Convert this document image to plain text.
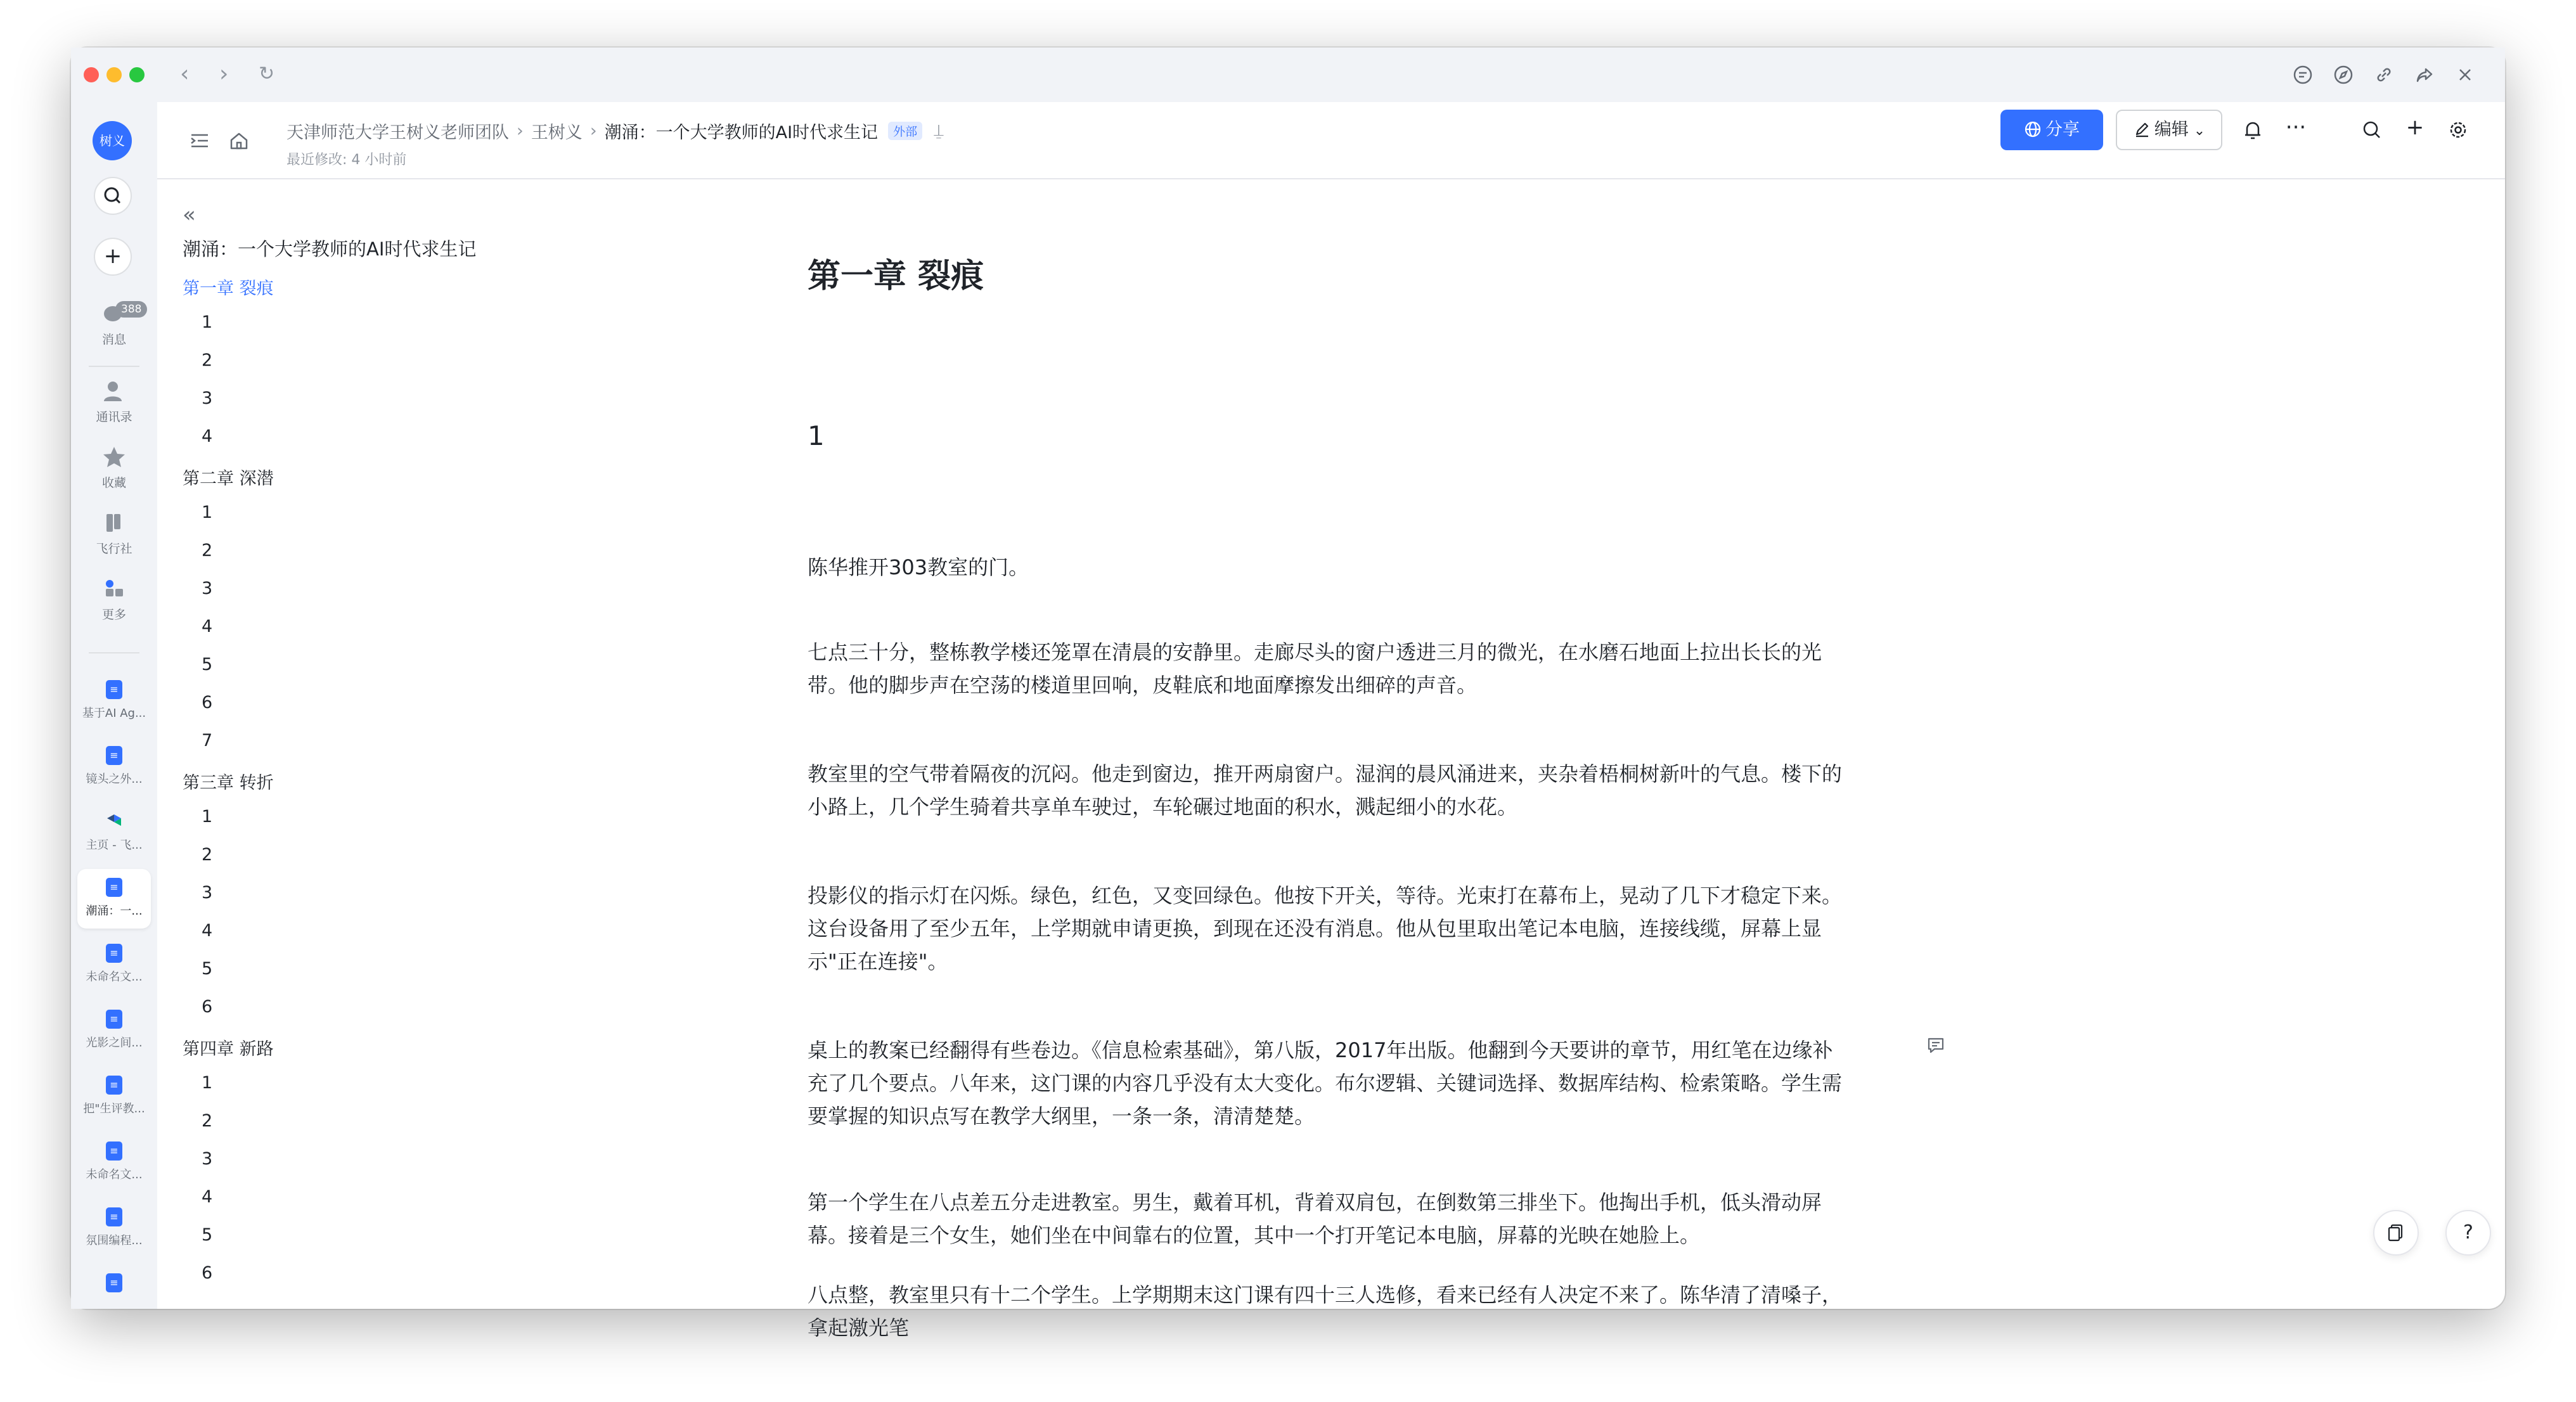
‹ › ↻
树义
+
388
消息
通讯录
收藏
飞行社
更多
≡
基于AI Ag...
≡
镜头之外...
主页 - 飞...
≡
潮涌：一...
≡
未命名文...
≡
光影之间...
≡
把"生评教...
≡
未命名文...
≡
氛围编程...
≡
天津师范大学王树义老师团队 › 王树义 › 潮涌：一个大学教师的AI时代求生记 外部 ⍊
最近修改: 4 小时前
分享	编辑 ⌄	···	+
«
潮涌：一个大学教师的AI时代求生记
第一章 裂痕
1
2
3
4
第二章 深潜
1
2
3
4
5
6
7
第三章 转折
1
2
3
4
5
6
第四章 新路
1
2
3
4
5
6
第一章 裂痕
1
陈华推开303教室的门。
七点三十分，整栋教学楼还笼罩在清晨的安静里。走廊尽头的窗户透进三月的微光，在水磨石地面上拉出长长的光带。他的脚步声在空荡的楼道里回响，皮鞋底和地面摩擦发出细碎的声音。
教室里的空气带着隔夜的沉闷。他走到窗边，推开两扇窗户。湿润的晨风涌进来，夹杂着梧桐树新叶的气息。楼下的小路上，几个学生骑着共享单车驶过，车轮碾过地面的积水，溅起细小的水花。
投影仪的指示灯在闪烁。绿色，红色，又变回绿色。他按下开关，等待。光束打在幕布上，晃动了几下才稳定下来。这台设备用了至少五年，上学期就申请更换，到现在还没有消息。他从包里取出笔记本电脑，连接线缆，屏幕上显示"正在连接"。
桌上的教案已经翻得有些卷边。《信息检索基础》，第八版，2017年出版。他翻到今天要讲的章节，用红笔在边缘补充了几个要点。八年来，这门课的内容几乎没有太大变化。布尔逻辑、关键词选择、数据库结构、检索策略。学生需要掌握的知识点写在教学大纲里，一条一条，清清楚楚。
第一个学生在八点差五分走进教室。男生，戴着耳机，背着双肩包，在倒数第三排坐下。他掏出手机，低头滑动屏幕。接着是三个女生，她们坐在中间靠右的位置，其中一个打开笔记本电脑，屏幕的光映在她脸上。
八点整，教室里只有十二个学生。上学期期末这门课有四十三人选修，看来已经有人决定不来了。陈华清了清嗓子，拿起激光笔
?
